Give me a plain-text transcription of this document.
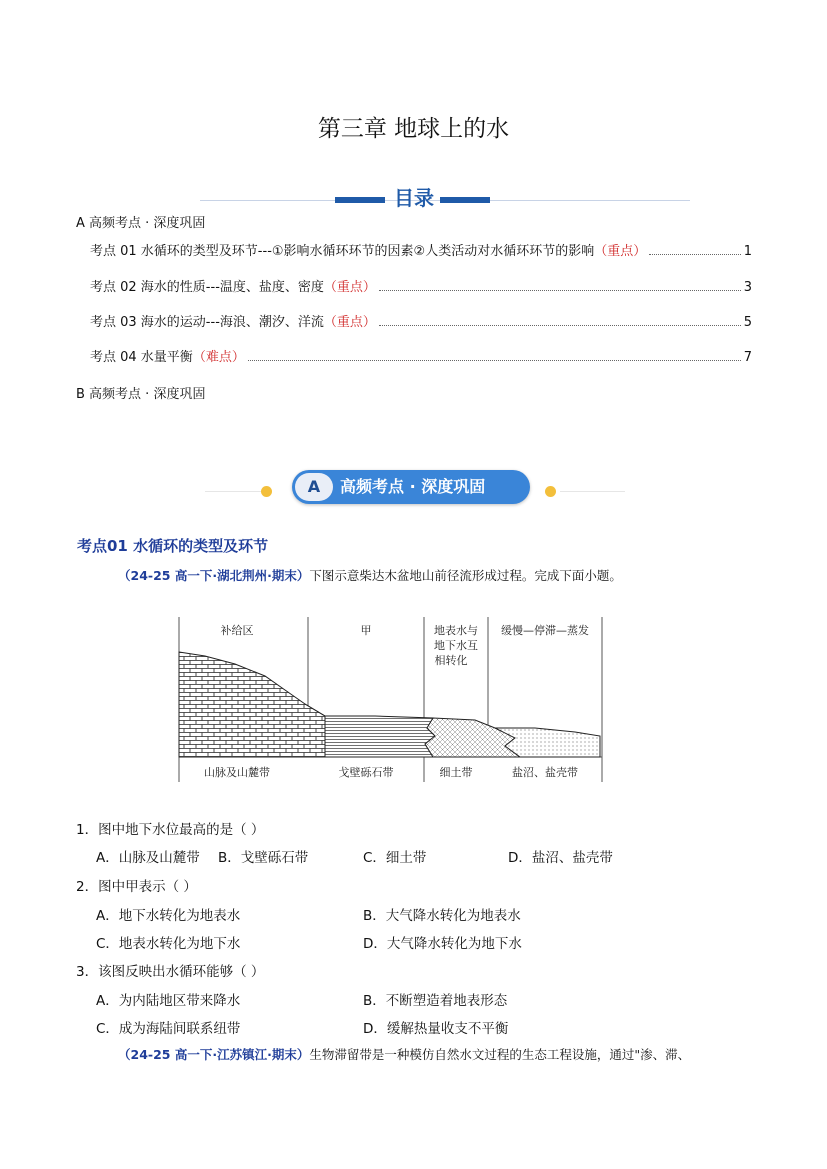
第三章 地球上的水
目录
A 高频考点 · 深度巩固
考点 01 水循环的类型及环节---①影响水循环环节的因素②人类活动对水循环环节的影响 （重点）	1
考点 02 海水的性质---温度、盐度、密度 （重点）	3
考点 03 海水的运动---海浪、潮汐、洋流 （重点）	5
考点 04 水量平衡 （难点）	7
B 高频考点 · 深度巩固
A	高频考点 · 深度巩固
考点01 水循环的类型及环节
（24-25 高一下·湖北荆州·期末）下图示意柴达木盆地山前径流形成过程。完成下面小题。
补给区	甲	地表水与
地下水互
相转化
缓慢—停滞—蒸发
山脉及山麓带	戈壁砾石带	细土带	盐沼、盐壳带
1．图中地下水位最高的是（ ）
A．山脉及山麓带 B．戈壁砾石带	C．细土带	D．盐沼、盐壳带
2．图中甲表示（ ）
A．地下水转化为地表水	B．大气降水转化为地表水
C．地表水转化为地下水	D．大气降水转化为地下水
3．该图反映出水循环能够（ ）
A．为内陆地区带来降水	B．不断塑造着地表形态
C．成为海陆间联系纽带	D．缓解热量收支不平衡
（24-25 高一下·江苏镇江·期末）生物滞留带是一种模仿自然水文过程的生态工程设施，通过"渗、滞、
